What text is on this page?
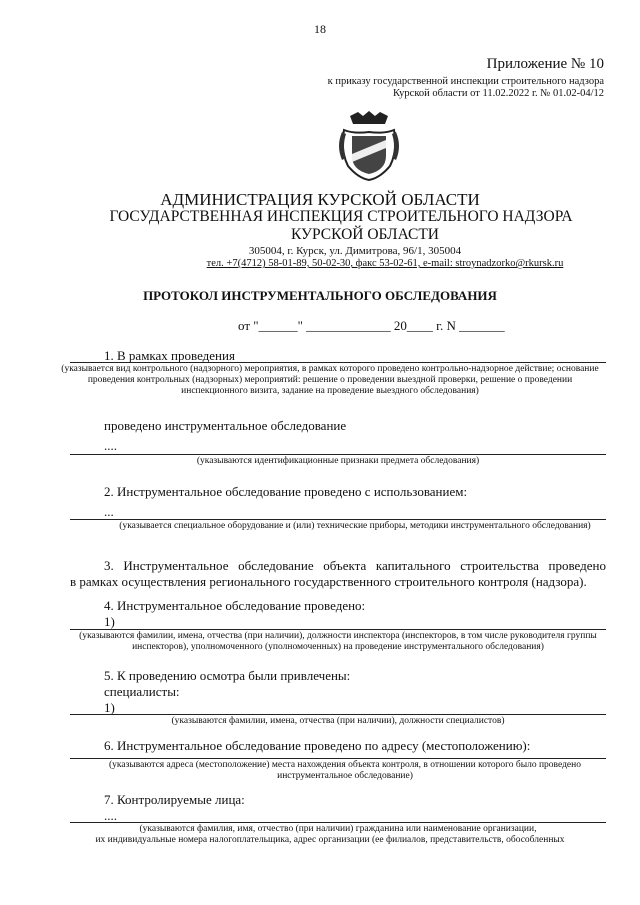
18
Приложение № 10
к приказу государственной инспекции строительного надзора
Курской области от 11.02.2022 г. № 01.02-04/12
АДМИНИСТРАЦИЯ КУРСКОЙ ОБЛАСТИ
ГОСУДАРСТВЕННАЯ ИНСПЕКЦИЯ СТРОИТЕЛЬНОГО НАДЗОРА
КУРСКОЙ ОБЛАСТИ
305004, г. Курск, ул. Димитрова, 96/1, 305004
тел. +7(4712) 58-01-89, 50-02-30, факс 53-02-61, e-mail: stroynadzorko@rkursk.ru
ПРОТОКОЛ ИНСТРУМЕНТАЛЬНОГО ОБСЛЕДОВАНИЯ
от "______" _____________ 20____ г. N _______
1. В рамках проведения
(указывается вид контрольного (надзорного) мероприятия, в рамках которого проведено контрольно-надзорное действие; основание проведения контрольных (надзорных) мероприятий: решение о проведении выездной проверки, решение о проведении инспекционного визита, задание на проведение выездного обследования)
проведено инструментальное обследование
....
(указываются идентификационные признаки предмета обследования)
2. Инструментальное обследование проведено с использованием:
...
(указывается специальное оборудование и (или) технические приборы, методики инструментального обследования)
3. Инструментальное обследование объекта капитального строительства проведено
в рамках осуществления регионального государственного строительного контроля (надзора).
4. Инструментальное обследование проведено:
1)
(указываются фамилии, имена, отчества (при наличии), должности инспектора (инспекторов, в том числе руководителя группы инспекторов), уполномоченного (уполномоченных) на проведение инструментального обследования)
5. К проведению осмотра были привлечены:
специалисты:
1)
(указываются фамилии, имена, отчества (при наличии), должности специалистов)
6. Инструментальное обследование проведено по адресу (местоположению):
(указываются адреса (местоположение) места нахождения объекта контроля, в отношении которого было проведено инструментальное обследование)
7. Контролируемые лица:
....
(указываются фамилия, имя, отчество (при наличии) гражданина или наименование организации,
их индивидуальные номера налогоплательщика, адрес организации (ее филиалов, представительств, обособленных
